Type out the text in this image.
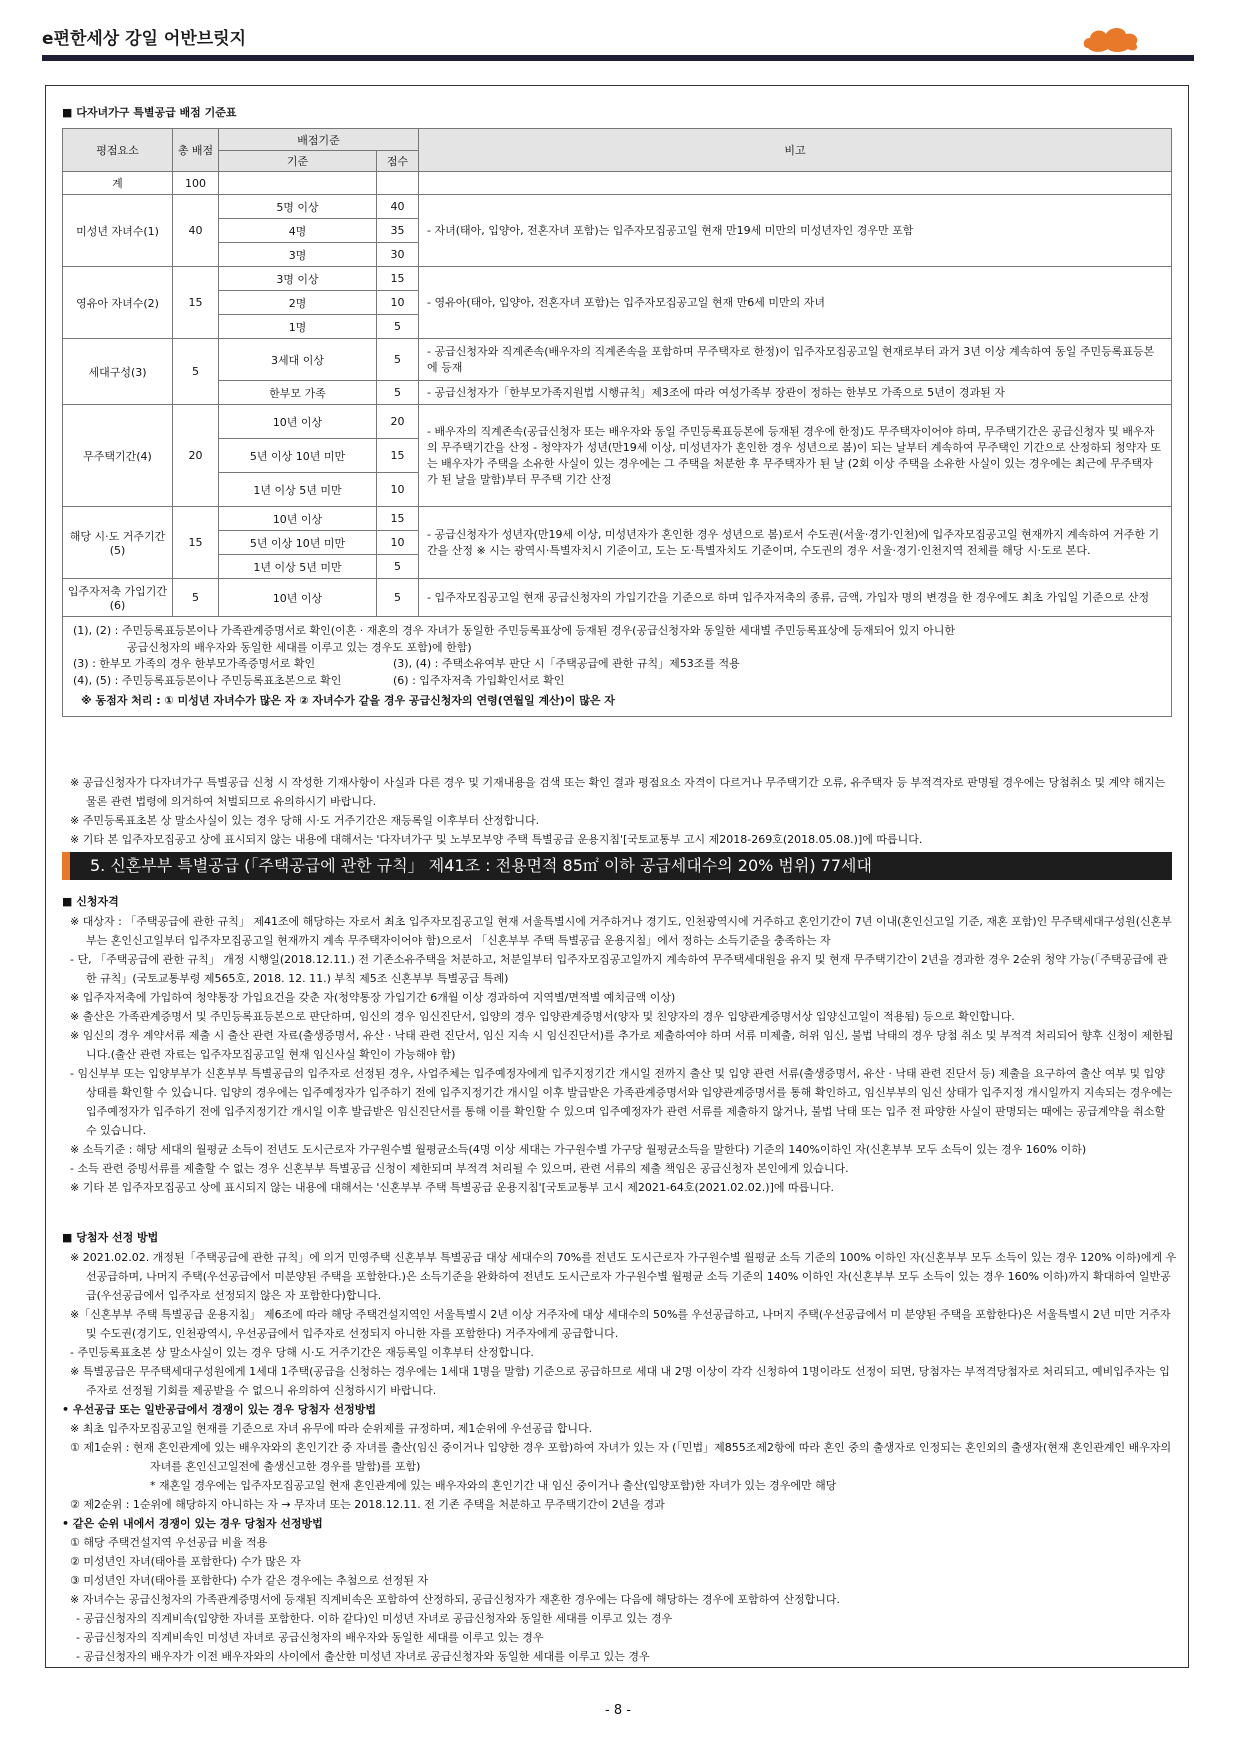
e편한세상 강일 어반브릿지
■ 다자녀가구 특별공급 배점 기준표
평점요소	총 배점	배점기준		비고
		기준	점수	
계	100			
미성년 자녀수(1)	40	5명 이상	40	- 자녀(태아, 입양아, 전혼자녀 포함)는 입주자모집공고일 현재 만19세 미만의 미성년자인 경우만 포함
		4명	35	
		3명	30	
영유아 자녀수(2)	15	3명 이상	15	- 영유아(태아, 입양아, 전혼자녀 포함)는 입주자모집공고일 현재 만6세 미만의 자녀
		2명	10	
		1명	5	
세대구성(3)	5	3세대 이상	5	- 공급신청자와 직계존속(배우자의 직계존속을 포함하며 무주택자로 한정)이 입주자모집공고일 현재로부터 과거 3년 이상 계속하여 동일 주민등록표등본에 등재
		한부모 가족	5	- 공급신청자가「한부모가족지원법 시행규칙」제3조에 따라 여성가족부 장관이 정하는 한부모 가족으로 5년이 경과된 자
무주택기간(4)	20	10년 이상	20	- 배우자의 직계존속(공급신청자 또는 배우자와 동일 주민등록표등본에 등재된 경우에 한정)도 무주택자이어야 하며, 무주택기간은 공급신청자 및 배우자의 무주택기간을 산정 - 청약자가 성년(만19세 이상, 미성년자가 혼인한 경우 성년으로 봄)이 되는 날부터 계속하여 무주택인 기간으로 산정하되 청약자 또는 배우자가 주택을 소유한 사실이 있는 경우에는 그 주택을 처분한 후 무주택자가 된 날 (2회 이상 주택을 소유한 사실이 있는 경우에는 최근에 무주택자가 된 날을 말함)부터 무주택 기간 산정
		5년 이상 10년 미만	15	
		1년 이상 5년 미만	10	
해당 시·도 거주기간(5)	15	10년 이상	15	- 공급신청자가 성년자(만19세 이상, 미성년자가 혼인한 경우 성년으로 봄)로서 수도권(서울·경기·인천)에 입주자모집공고일 현재까지 계속하여 거주한 기간을 산정 ※ 시는 광역시·특별자치시 기준이고, 도는 도·특별자치도 기준이며, 수도권의 경우 서울·경기·인천지역 전체를 해당 시·도로 본다.
		5년 이상 10년 미만	10	
		1년 이상 5년 미만	5	
입주자저축 가입기간(6)	5	10년 이상	5	- 입주자모집공고일 현재 공급신청자의 가입기간을 기준으로 하며 입주자저축의 종류, 금액, 가입자 명의 변경을 한 경우에도 최초 가입일 기준으로 산정

(1), (2) : 주민등록표등본이나 가족관계증명서로 확인(이혼 · 재혼의 경우 자녀가 동일한 주민등록표상에 등재된 경우(공급신청자와 동일한 세대별 주민등록표상에 등재되어 있지 아니한
공급신청자의 배우자와 동일한 세대를 이루고 있는 경우도 포함)에 한함)
(3) : 한부모 가족의 경우 한부모가족증명서로 확인 (3), (4) : 주택소유여부 판단 시「주택공급에 관한 규칙」제53조를 적용
(4), (5) : 주민등록표등본이나 주민등록표초본으로 확인 (6) : 입주자저축 가입확인서로 확인
※ 동점자 처리 : ① 미성년 자녀수가 많은 자 ② 자녀수가 같을 경우 공급신청자의 연령(연월일 계산)이 많은 자				

※ 공급신청자가 다자녀가구 특별공급 신청 시 작성한 기재사항이 사실과 다른 경우 및 기재내용을 검색 또는 확인 결과 평점요소 자격이 다르거나 무주택기간 오류, 유주택자 등 부적격자로 판명될 경우에는 당첨취소 및 계약 해지는 물론 관련 법령에 의거하여 처벌되므로 유의하시기 바랍니다.

※ 주민등록표초본 상 말소사실이 있는 경우 당해 시·도 거주기간은 재등록일 이후부터 산정합니다.

※ 기타 본 입주자모집공고 상에 표시되지 않는 내용에 대해서는 '다자녀가구 및 노부모부양 주택 특별공급 운용지침'[국토교통부 고시 제2018-269호(2018.05.08.)]에 따릅니다.

5. 신혼부부 특별공급 (「주택공급에 관한 규칙」 제41조 : 전용면적 85㎡ 이하 공급세대수의 20% 범위) 77세대
■ 신청자격

※ 대상자 : 「주택공급에 관한 규칙」 제41조에 해당하는 자로서 최초 입주자모집공고일 현재 서울특별시에 거주하거나 경기도, 인천광역시에 거주하고 혼인기간이 7년 이내(혼인신고일 기준, 재혼 포함)인 무주택세대구성원(신혼부부는 혼인신고일부터 입주자모집공고일 현재까지 계속 무주택자이어야 함)으로서 「신혼부부 주택 특별공급 운용지침」에서 정하는 소득기준을 충족하는 자

- 단, 「주택공급에 관한 규칙」 개정 시행일(2018.12.11.) 전 기존소유주택을 처분하고, 처분일부터 입주자모집공고일까지 계속하여 무주택세대원을 유지 및 현재 무주택기간이 2년을 경과한 경우 2순위 청약 가능(「주택공급에 관한 규칙」(국토교통부령 제565호, 2018. 12. 11.) 부칙 제5조 신혼부부 특별공급 특례)

※ 입주자저축에 가입하여 청약통장 가입요건을 갖춘 자(청약통장 가입기간 6개월 이상 경과하여 지역별/면적별 예치금액 이상)

※ 출산은 가족관계증명서 및 주민등록표등본으로 판단하며, 임신의 경우 임신진단서, 입양의 경우 입양관계증명서(양자 및 친양자의 경우 입양관계증명서상 입양신고일이 적용됨) 등으로 확인합니다.

※ 임신의 경우 계약서류 제출 시 출산 관련 자료(출생증명서, 유산 · 낙태 관련 진단서, 임신 지속 시 임신진단서)를 추가로 제출하여야 하며 서류 미제출, 허위 임신, 불법 낙태의 경우 당첨 취소 및 부적격 처리되어 향후 신청이 제한됩니다.(출산 관련 자료는 입주자모집공고일 현재 임신사실 확인이 가능해야 함)

- 임신부부 또는 입양부부가 신혼부부 특별공급의 입주자로 선정된 경우, 사업주체는 입주예정자에게 입주지정기간 개시일 전까지 출산 및 입양 관련 서류(출생증명서, 유산 · 낙태 관련 진단서 등) 제출을 요구하여 출산 여부 및 입양 상태를 확인할 수 있습니다. 입양의 경우에는 입주예정자가 입주하기 전에 입주지정기간 개시일 이후 발급받은 가족관계증명서와 입양관계증명서를 통해 확인하고, 임신부부의 임신 상태가 입주지정 개시일까지 지속되는 경우에는 입주예정자가 입주하기 전에 입주지정기간 개시일 이후 발급받은 임신진단서를 통해 이를 확인할 수 있으며 입주예정자가 관련 서류를 제출하지 않거나, 불법 낙태 또는 입주 전 파양한 사실이 판명되는 때에는 공급계약을 취소할 수 있습니다.

※ 소득기준 : 해당 세대의 월평균 소득이 전년도 도시근로자 가구원수별 월평균소득(4명 이상 세대는 가구원수별 가구당 월평균소득을 말한다) 기준의 140%이하인 자(신혼부부 모두 소득이 있는 경우 160% 이하)

- 소득 관련 증빙서류를 제출할 수 없는 경우 신혼부부 특별공급 신청이 제한되며 부적격 처리될 수 있으며, 관련 서류의 제출 책임은 공급신청자 본인에게 있습니다.

※ 기타 본 입주자모집공고 상에 표시되지 않는 내용에 대해서는 '신혼부부 주택 특별공급 운용지침'[국토교통부 고시 제2021-64호(2021.02.02.)]에 따릅니다.

■ 당첨자 선정 방법

※ 2021.02.02. 개정된「주택공급에 관한 규칙」에 의거 민영주택 신혼부부 특별공급 대상 세대수의 70%를 전년도 도시근로자 가구원수별 월평균 소득 기준의 100% 이하인 자(신혼부부 모두 소득이 있는 경우 120% 이하)에게 우선공급하며, 나머지 주택(우선공급에서 미분양된 주택을 포함한다.)은 소득기준을 완화하여 전년도 도시근로자 가구원수별 월평균 소득 기준의 140% 이하인 자(신혼부부 모두 소득이 있는 경우 160% 이하)까지 확대하여 일반공급(우선공급에서 입주자로 선정되지 않은 자 포함한다)합니다.

※「신혼부부 주택 특별공급 운용지침」 제6조에 따라 해당 주택건설지역인 서울특별시 2년 이상 거주자에 대상 세대수의 50%를 우선공급하고, 나머지 주택(우선공급에서 미 분양된 주택을 포함한다)은 서울특별시 2년 미만 거주자 및 수도권(경기도, 인천광역시, 우선공급에서 입주자로 선정되지 아니한 자를 포함한다) 거주자에게 공급합니다.

- 주민등록표초본 상 말소사실이 있는 경우 당해 시·도 거주기간은 재등록일 이후부터 산정합니다.

※ 특별공급은 무주택세대구성원에게 1세대 1주택(공급을 신청하는 경우에는 1세대 1명을 말함) 기준으로 공급하므로 세대 내 2명 이상이 각각 신청하여 1명이라도 선정이 되면, 당첨자는 부적격당첨자로 처리되고, 예비입주자는 입주자로 선정될 기회를 제공받을 수 없으니 유의하여 신청하시기 바랍니다.

• 우선공급 또는 일반공급에서 경쟁이 있는 경우 당첨자 선정방법

※ 최초 입주자모집공고일 현재를 기준으로 자녀 유무에 따라 순위제를 규정하며, 제1순위에 우선공급 합니다.

① 제1순위 : 현재 혼인관계에 있는 배우자와의 혼인기간 중 자녀를 출산(임신 중이거나 입양한 경우 포함)하여 자녀가 있는 자 (「민법」제855조제2항에 따라 혼인 중의 출생자로 인정되는 혼인외의 출생자(현재 혼인관계인 배우자의 자녀를 혼인신고일전에 출생신고한 경우를 말함)를 포함)

* 재혼일 경우에는 입주자모집공고일 현재 혼인관계에 있는 배우자와의 혼인기간 내 임신 중이거나 출산(입양포함)한 자녀가 있는 경우에만 해당

② 제2순위 : 1순위에 해당하지 아니하는 자 → 무자녀 또는 2018.12.11. 전 기존 주택을 처분하고 무주택기간이 2년을 경과

• 같은 순위 내에서 경쟁이 있는 경우 당첨자 선정방법

① 해당 주택건설지역 우선공급 비율 적용

② 미성년인 자녀(태아를 포함한다) 수가 많은 자

③ 미성년인 자녀(태아를 포함한다) 수가 같은 경우에는 추첨으로 선정된 자

※ 자녀수는 공급신청자의 가족관계증명서에 등재된 직계비속은 포함하여 산정하되, 공급신청자가 재혼한 경우에는 다음에 해당하는 경우에 포함하여 산정합니다.

- 공급신청자의 직계비속(입양한 자녀를 포함한다. 이하 같다)인 미성년 자녀로 공급신청자와 동일한 세대를 이루고 있는 경우

- 공급신청자의 직계비속인 미성년 자녀로 공급신청자의 배우자와 동일한 세대를 이루고 있는 경우

- 공급신청자의 배우자가 이전 배우자와의 사이에서 출산한 미성년 자녀로 공급신청자와 동일한 세대를 이루고 있는 경우

- 8 -
